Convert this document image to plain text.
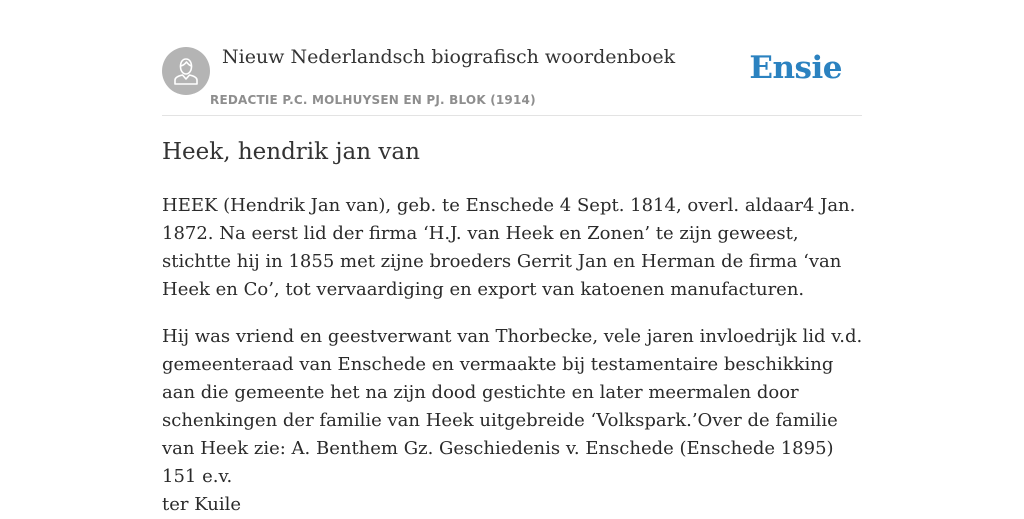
Nieuw Nederlandsch biografisch woordenboek
REDACTIE P.C. MOLHUYSEN EN PJ. BLOK (1914)
Ensie
Heek, hendrik jan van

HEEK (Hendrik Jan van), geb. te Enschede 4 Sept. 1814, overl. aldaar4 Jan. 1872. Na eerst lid der firma ‘H.J. van Heek en Zonen’ te zijn geweest, stichtte hij in 1855 met zijne broeders Gerrit Jan en Herman de firma ‘van Heek en Co’, tot vervaardiging en export van katoenen manufacturen.

Hij was vriend en geestverwant van Thorbecke, vele jaren invloedrijk lid v.d. gemeenteraad van Enschede en vermaakte bij testamentaire beschikking aan die gemeente het na zijn dood gestichte en later meermalen door schenkingen der familie van Heek uitgebreide ‘Volkspark.’Over de familie van Heek zie: A. Benthem Gz. Geschiedenis v. Enschede (Enschede 1895) 151 e.v.

ter Kuile
